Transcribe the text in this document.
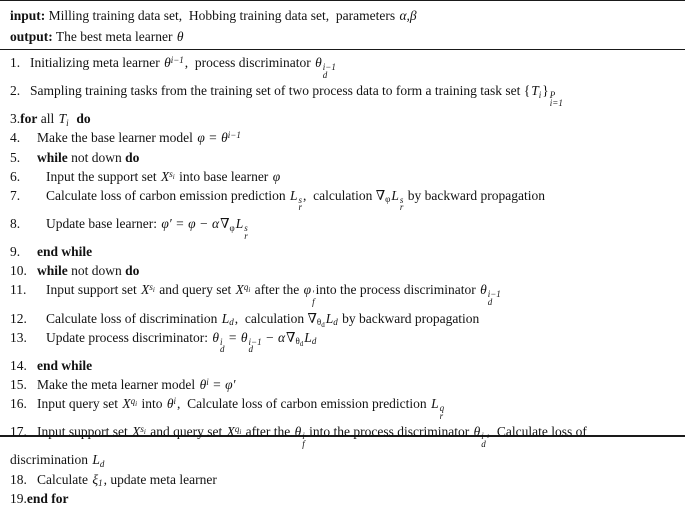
input: Milling training data set, Hobbing training data set, parameters α,β
output: The best meta learner θ
1. Initializing meta learner $\theta^{i-1}$, process discriminator θ i−1
d
2. Sampling training tasks from the training set of two process data to form a training task set {Ti} P
i=1
3.for all Ti do
4. Make the base learner model $\varphi = \theta^{i-1}$
5. while not down do
6. Input the support set $X^{s_i}$ into base learner φ
7. Calculate loss of carbon emission prediction L s
r
, calculation ∇φL s
r
by backward propagation
8. Update base learner: φ′ = φ − α∇φL s
r
9. end while
10. while not down do
11. Input support set $X^{s_i}$ and query set $X^{q_i}$ after the φ ′
f
into the process discriminator θ i−1
d
12. Calculate loss of discrimination Ld, calculation $\nabla\theta_dLd$ by backward propagation
13. Update process discriminator: θ i
d
= θ i−1
d
− $\alpha\nabla\theta_dLd$
14. end while
15. Make the meta learner model $\theta^i = \varphi'$
16. Input query set $X^{q_i}$ into $\theta^i$, Calculate loss of carbon emission prediction L q
r
17. Input support set $X^{s_i}$ and query set $X^{q_i}$ after the θ i
f
into the process discriminator θ i
d
, Calculate loss of
discrimination Ld
18. Calculate ξ1, update meta learner
19.end for
